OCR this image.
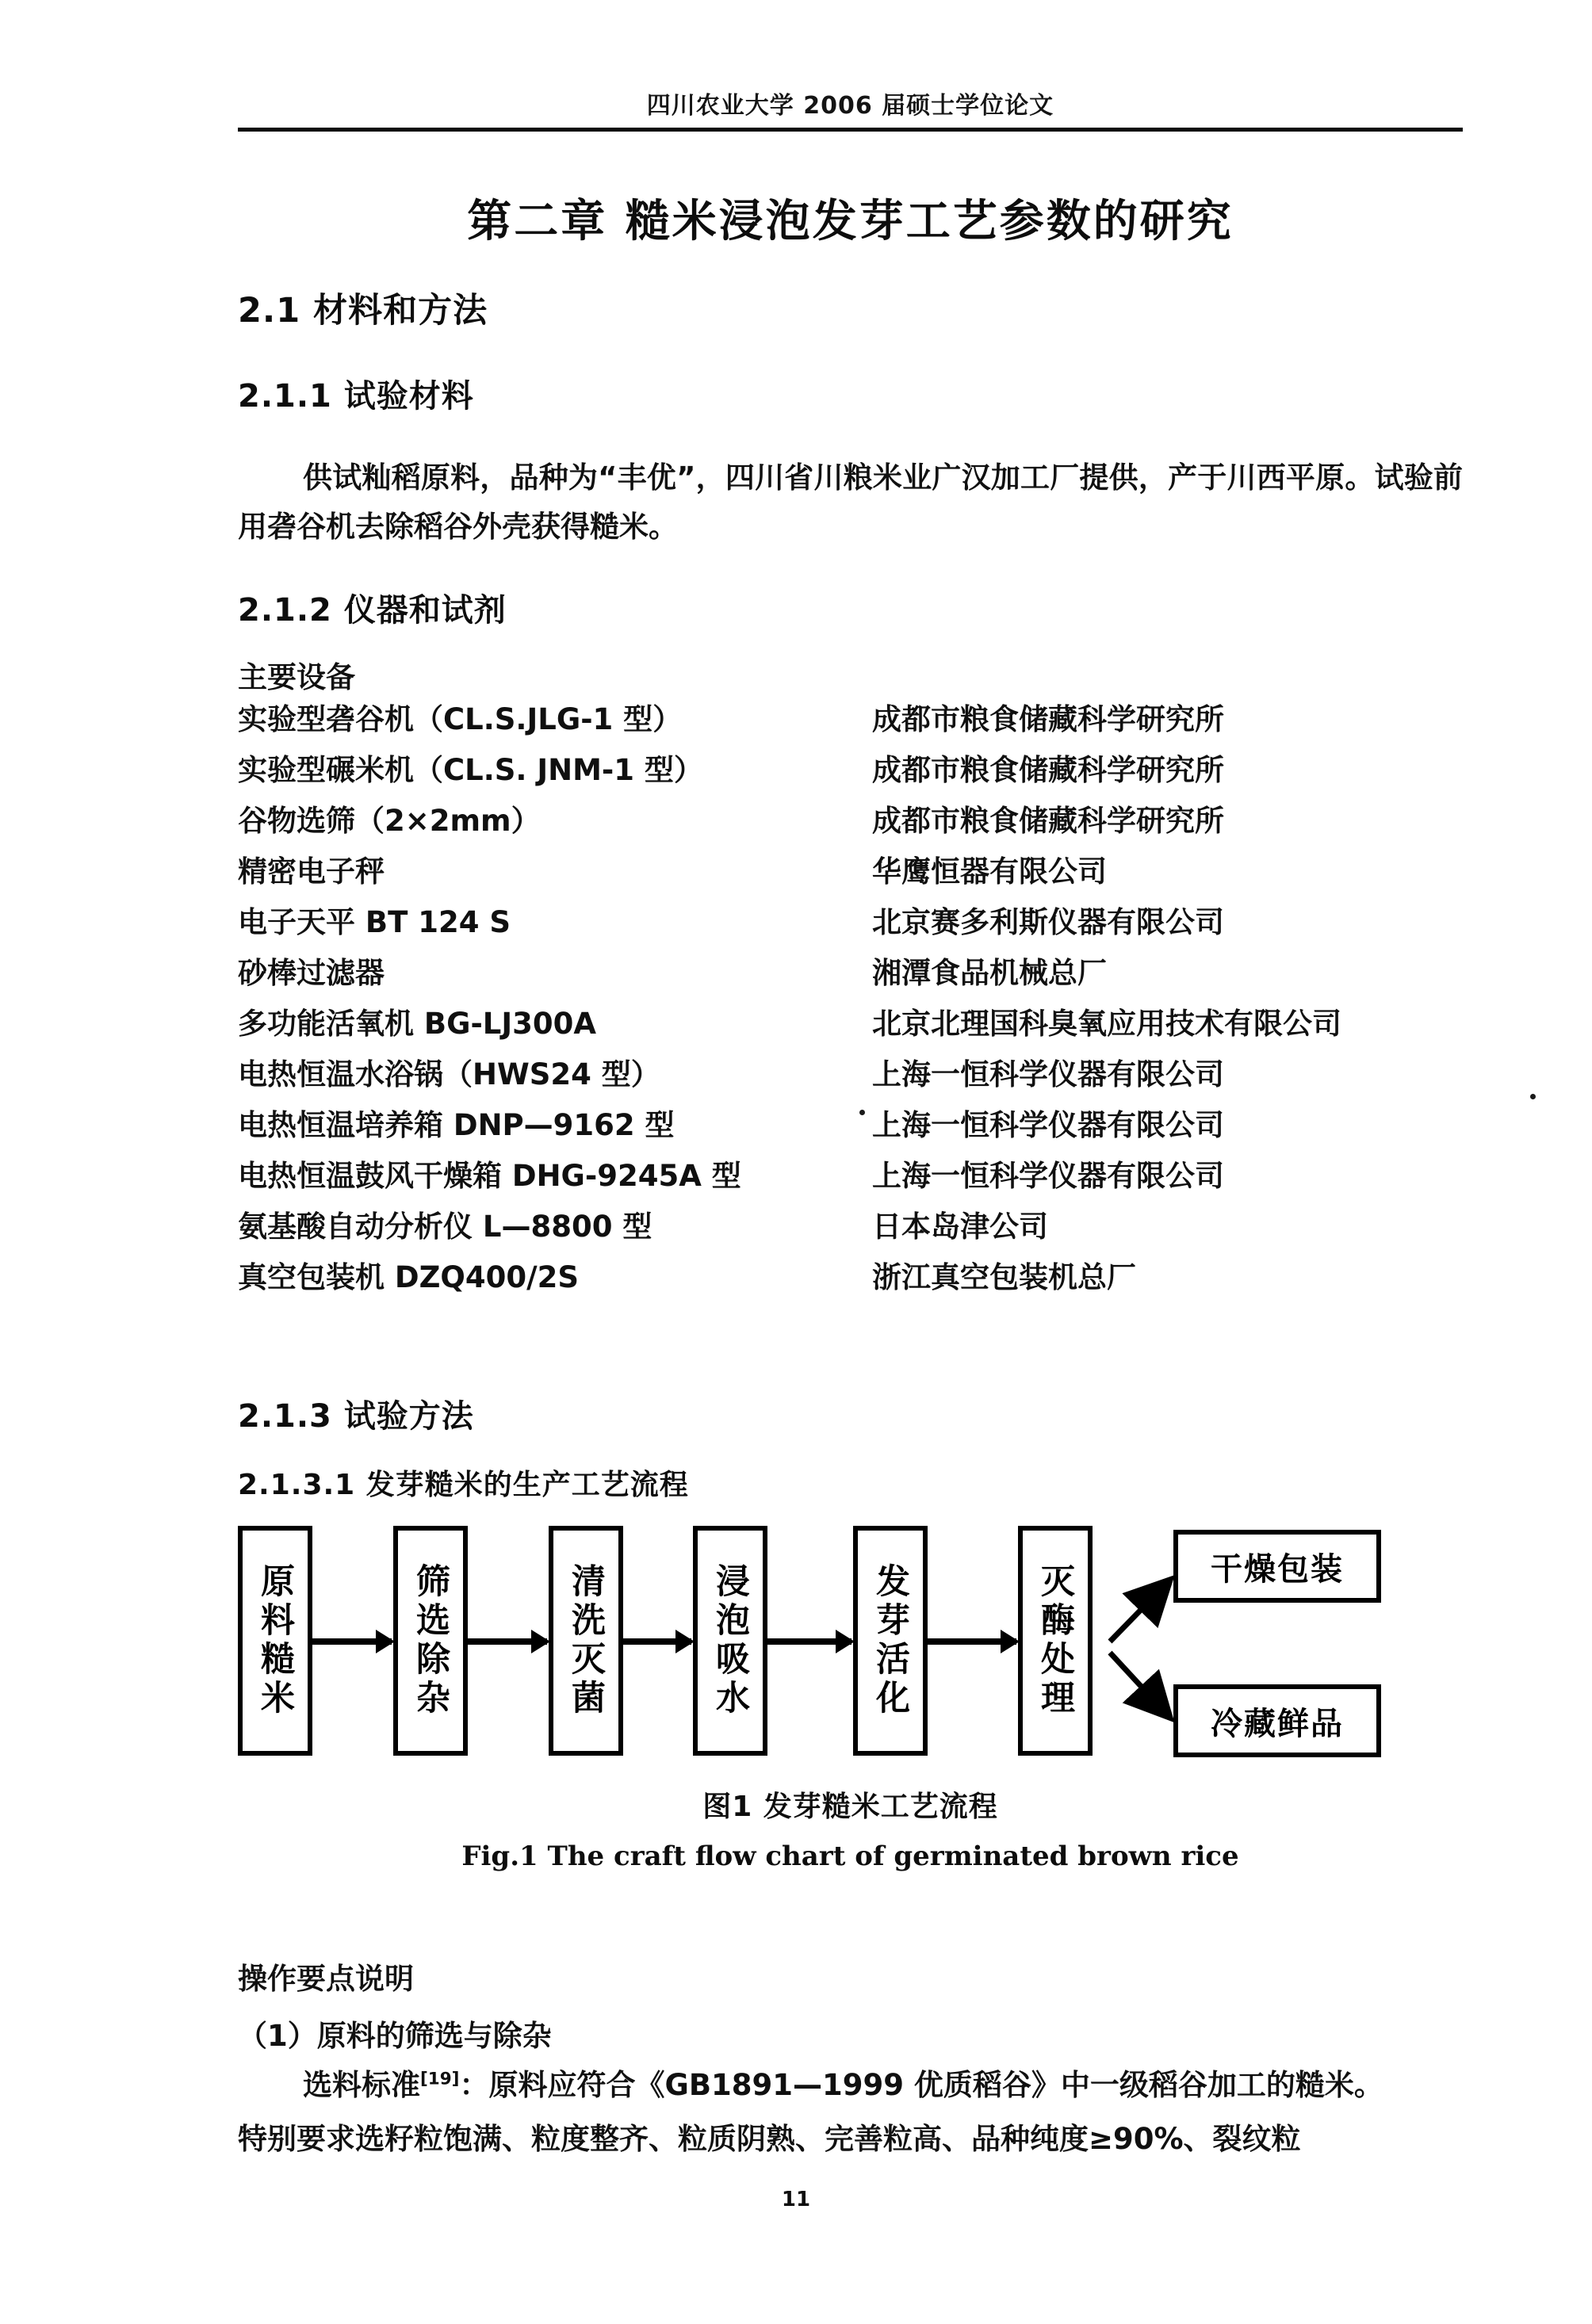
四川农业大学 2006 届硕士学位论文
第二章 糙米浸泡发芽工艺参数的研究
2.1 材料和方法
2.1.1 试验材料
供试籼稻原料，品种为“丰优”，四川省川粮米业广汉加工厂提供，产于川西平原。试验前用砻谷机去除稻谷外壳获得糙米。
2.1.2 仪器和试剂
主要设备
实验型砻谷机（CL.S.JLG-1 型）	成都市粮食储藏科学研究所
实验型碾米机（CL.S. JNM-1 型）	成都市粮食储藏科学研究所
谷物选筛（2×2mm）	成都市粮食储藏科学研究所
精密电子秤	华鹰恒器有限公司
电子天平 BT 124 S	北京赛多利斯仪器有限公司
砂棒过滤器	湘潭食品机械总厂
多功能活氧机 BG-LJ300A	北京北理国科臭氧应用技术有限公司
电热恒温水浴锅（HWS24 型）	上海一恒科学仪器有限公司
电热恒温培养箱 DNP—9162 型	上海一恒科学仪器有限公司
电热恒温鼓风干燥箱 DHG-9245A 型	上海一恒科学仪器有限公司
氨基酸自动分析仪 L—8800 型	日本岛津公司
真空包装机 DZQ400/2S	浙江真空包装机总厂
2.1.3 试验方法
2.1.3.1 发芽糙米的生产工艺流程
原料糙米	筛选除杂	清洗灭菌	浸泡吸水	发芽活化	灭酶处理	干燥包装
冷藏鲜品
图1 发芽糙米工艺流程
Fig.1 The craft flow chart of germinated brown rice
操作要点说明
（1）原料的筛选与除杂
选料标准[19]：原料应符合《GB1891—1999 优质稻谷》中一级稻谷加工的糙米。
特别要求选籽粒饱满、粒度整齐、粒质阴熟、完善粒高、品种纯度≥90%、裂纹粒
11
